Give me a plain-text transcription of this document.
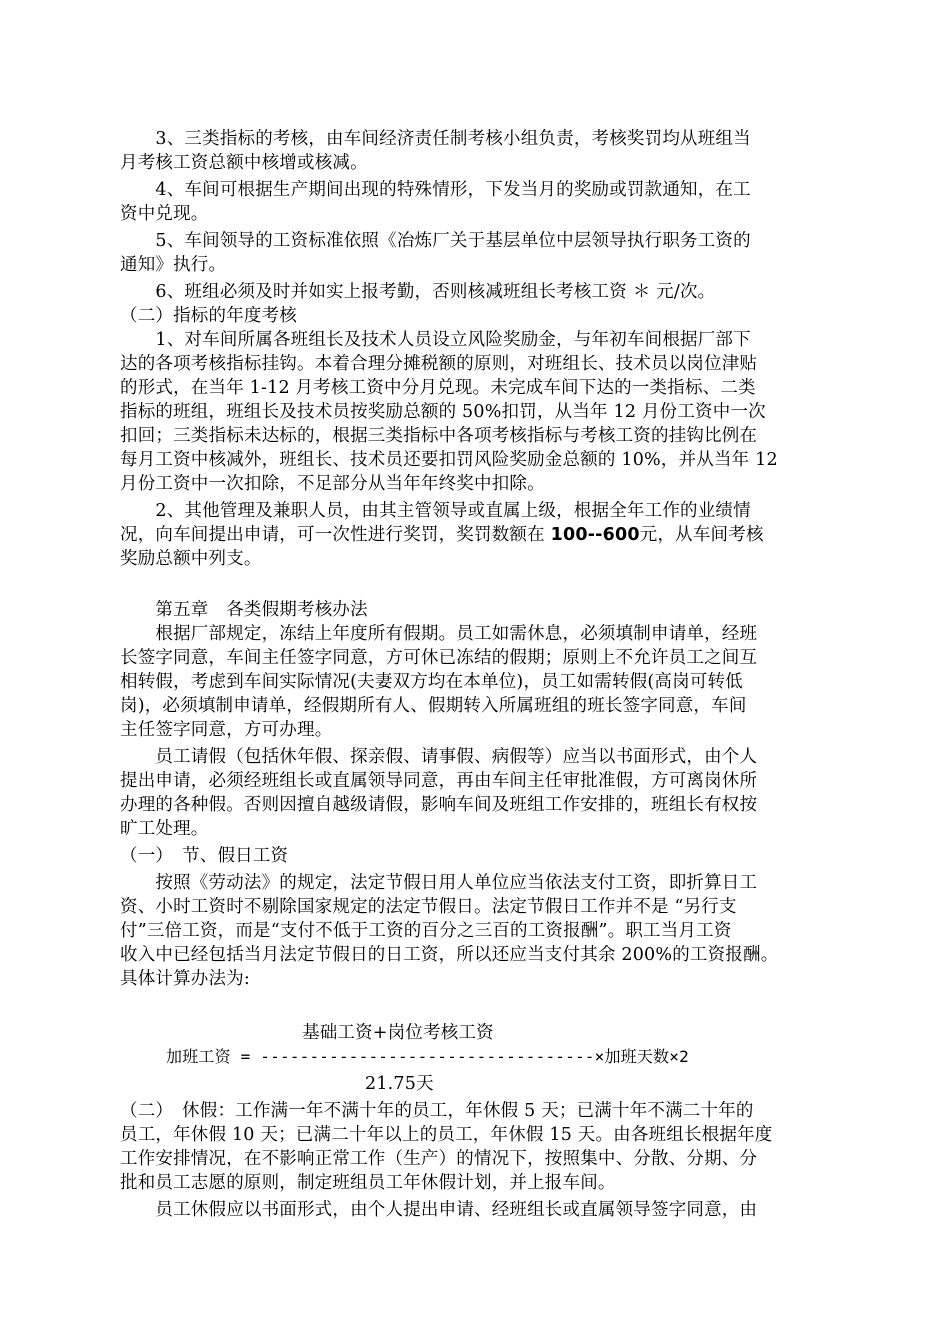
　　3、三类指标的考核，由车间经济责任制考核小组负责，考核奖罚均从班组当
月考核工资总额中核增或核减。
　　4、车间可根据生产期间出现的特殊情形，下发当月的奖励或罚款通知，在工
资中兑现。
　　5、车间领导的工资标准依照《冶炼厂关于基层单位中层领导执行职务工资的
通知》执行。
　　6、班组必须及时并如实上报考勤，否则核减班组长考核工资 ＊ 元/次。
（二）指标的年度考核
　　1、对车间所属各班组长及技术人员设立风险奖励金，与年初车间根据厂部下
达的各项考核指标挂钩。本着合理分摊税额的原则，对班组长、技术员以岗位津贴
的形式，在当年 1-12 月考核工资中分月兑现。未完成车间下达的一类指标、二类
指标的班组，班组长及技术员按奖励总额的 50%扣罚，从当年 12 月份工资中一次
扣回；三类指标未达标的，根据三类指标中各项考核指标与考核工资的挂钩比例在
每月工资中核减外，班组长、技术员还要扣罚风险奖励金总额的 10%，并从当年 12
月份工资中一次扣除，不足部分从当年年终奖中扣除。
　　2、其他管理及兼职人员，由其主管领导或直属上级，根据全年工作的业绩情
况，向车间提出申请，可一次性进行奖罚，奖罚数额在 100--600元，从车间考核
奖励总额中列支。
　　第五章　各类假期考核办法
　　根据厂部规定，冻结上年度所有假期。员工如需休息，必须填制申请单，经班
长签字同意，车间主任签字同意，方可休已冻结的假期；原则上不允许员工之间互
相转假，考虑到车间实际情况(夫妻双方均在本单位)，员工如需转假(高岗可转低
岗)，必须填制申请单，经假期所有人、假期转入所属班组的班长签字同意，车间
主任签字同意，方可办理。
　　员工请假（包括休年假、探亲假、请事假、病假等）应当以书面形式，由个人
提出申请，必须经班组长或直属领导同意，再由车间主任审批准假，方可离岗休所
办理的各种假。否则因擅自越级请假，影响车间及班组工作安排的，班组长有权按
旷工处理。
（一）　节、假日工资
　　按照《劳动法》的规定，法定节假日用人单位应当依法支付工资，即折算日工
资、小时工资时不剔除国家规定的法定节假日。法定节假日工作并不是 “另行支
付”三倍工资，而是“支付不低于工资的百分之三百的工资报酬”。职工当月工资
收入中已经包括当月法定节假日的日工资，所以还应当支付其余 200%的工资报酬。
具体计算办法为:
基础工资+岗位考核工资
加班工资 = ----------------------------------×加班天数×2
21.75天
（二）　休假：工作满一年不满十年的员工，年休假 5 天；已满十年不满二十年的
员工，年休假 10 天；已满二十年以上的员工，年休假 15 天。由各班组长根据年度
工作安排情况，在不影响正常工作（生产）的情况下，按照集中、分散、分期、分
批和员工志愿的原则，制定班组员工年休假计划，并上报车间。
　　员工休假应以书面形式，由个人提出申请、经班组长或直属领导签字同意，由
